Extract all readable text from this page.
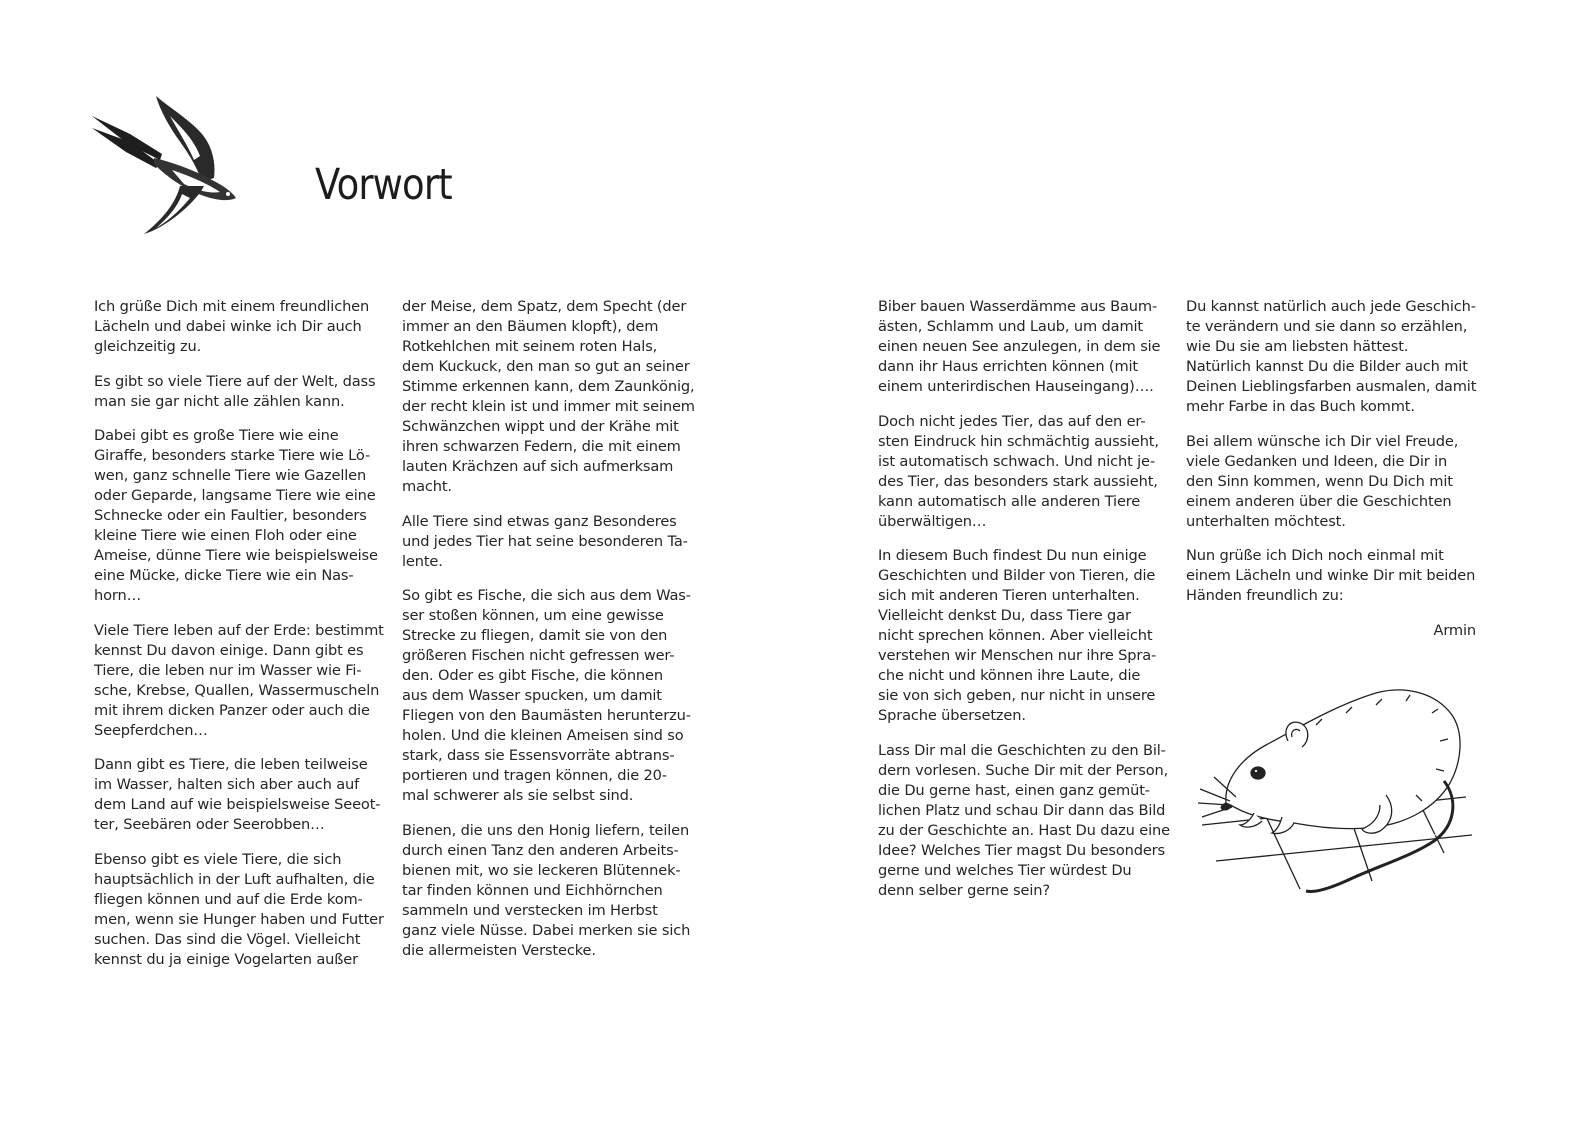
Vorwort

Ich grüße Dich mit einem freundlichen
Lächeln und dabei winke ich Dir auch
gleichzeitig zu.

Es gibt so viele Tiere auf der Welt, dass
man sie gar nicht alle zählen kann.

Dabei gibt es große Tiere wie eine
Giraffe, besonders starke Tiere wie Lö-
wen, ganz schnelle Tiere wie Gazellen
oder Geparde, langsame Tiere wie eine
Schnecke oder ein Faultier, besonders
kleine Tiere wie einen Floh oder eine
Ameise, dünne Tiere wie beispielsweise
eine Mücke, dicke Tiere wie ein Nas-
horn…

Viele Tiere leben auf der Erde: bestimmt
kennst Du davon einige. Dann gibt es
Tiere, die leben nur im Wasser wie Fi-
sche, Krebse, Quallen, Wassermuscheln
mit ihrem dicken Panzer oder auch die
Seepferdchen…

Dann gibt es Tiere, die leben teilweise
im Wasser, halten sich aber auch auf
dem Land auf wie beispielsweise Seeot-
ter, Seebären oder Seerobben…

Ebenso gibt es viele Tiere, die sich
hauptsächlich in der Luft aufhalten, die
fliegen können und auf die Erde kom-
men, wenn sie Hunger haben und Futter
suchen. Das sind die Vögel. Vielleicht
kennst du ja einige Vogelarten außer

der Meise, dem Spatz, dem Specht (der
immer an den Bäumen klopft), dem
Rotkehlchen mit seinem roten Hals,
dem Kuckuck, den man so gut an seiner
Stimme erkennen kann, dem Zaunkönig,
der recht klein ist und immer mit seinem
Schwänzchen wippt und der Krähe mit
ihren schwarzen Federn, die mit einem
lauten Krächzen auf sich aufmerksam
macht.

Alle Tiere sind etwas ganz Besonderes
und jedes Tier hat seine besonderen Ta-
lente.

So gibt es Fische, die sich aus dem Was-
ser stoßen können, um eine gewisse
Strecke zu fliegen, damit sie von den
größeren Fischen nicht gefressen wer-
den. Oder es gibt Fische, die können
aus dem Wasser spucken, um damit
Fliegen von den Baumästen herunterzu-
holen. Und die kleinen Ameisen sind so
stark, dass sie Essensvorräte abtrans-
portieren und tragen können, die 20-
mal schwerer als sie selbst sind.

Bienen, die uns den Honig liefern, teilen
durch einen Tanz den anderen Arbeits-
bienen mit, wo sie leckeren Blütennek-
tar finden können und Eichhörnchen
sammeln und verstecken im Herbst
ganz viele Nüsse. Dabei merken sie sich
die allermeisten Verstecke.

Biber bauen Wasserdämme aus Baum-
ästen, Schlamm und Laub, um damit
einen neuen See anzulegen, in dem sie
dann ihr Haus errichten können (mit
einem unterirdischen Hauseingang)….

Doch nicht jedes Tier, das auf den er-
sten Eindruck hin schmächtig aussieht,
ist automatisch schwach. Und nicht je-
des Tier, das besonders stark aussieht,
kann automatisch alle anderen Tiere
überwältigen…

In diesem Buch findest Du nun einige
Geschichten und Bilder von Tieren, die
sich mit anderen Tieren unterhalten.
Vielleicht denkst Du, dass Tiere gar
nicht sprechen können. Aber vielleicht
verstehen wir Menschen nur ihre Spra-
che nicht und können ihre Laute, die
sie von sich geben, nur nicht in unsere
Sprache übersetzen.

Lass Dir mal die Geschichten zu den Bil-
dern vorlesen. Suche Dir mit der Person,
die Du gerne hast, einen ganz gemüt-
lichen Platz und schau Dir dann das Bild
zu der Geschichte an. Hast Du dazu eine
Idee? Welches Tier magst Du besonders
gerne und welches Tier würdest Du
denn selber gerne sein?

Du kannst natürlich auch jede Geschich-
te verändern und sie dann so erzählen,
wie Du sie am liebsten hättest.
Natürlich kannst Du die Bilder auch mit
Deinen Lieblingsfarben ausmalen, damit
mehr Farbe in das Buch kommt.

Bei allem wünsche ich Dir viel Freude,
viele Gedanken und Ideen, die Dir in
den Sinn kommen, wenn Du Dich mit
einem anderen über die Geschichten
unterhalten möchtest.

Nun grüße ich Dich noch einmal mit
einem Lächeln und winke Dir mit beiden
Händen freundlich zu:

Armin
